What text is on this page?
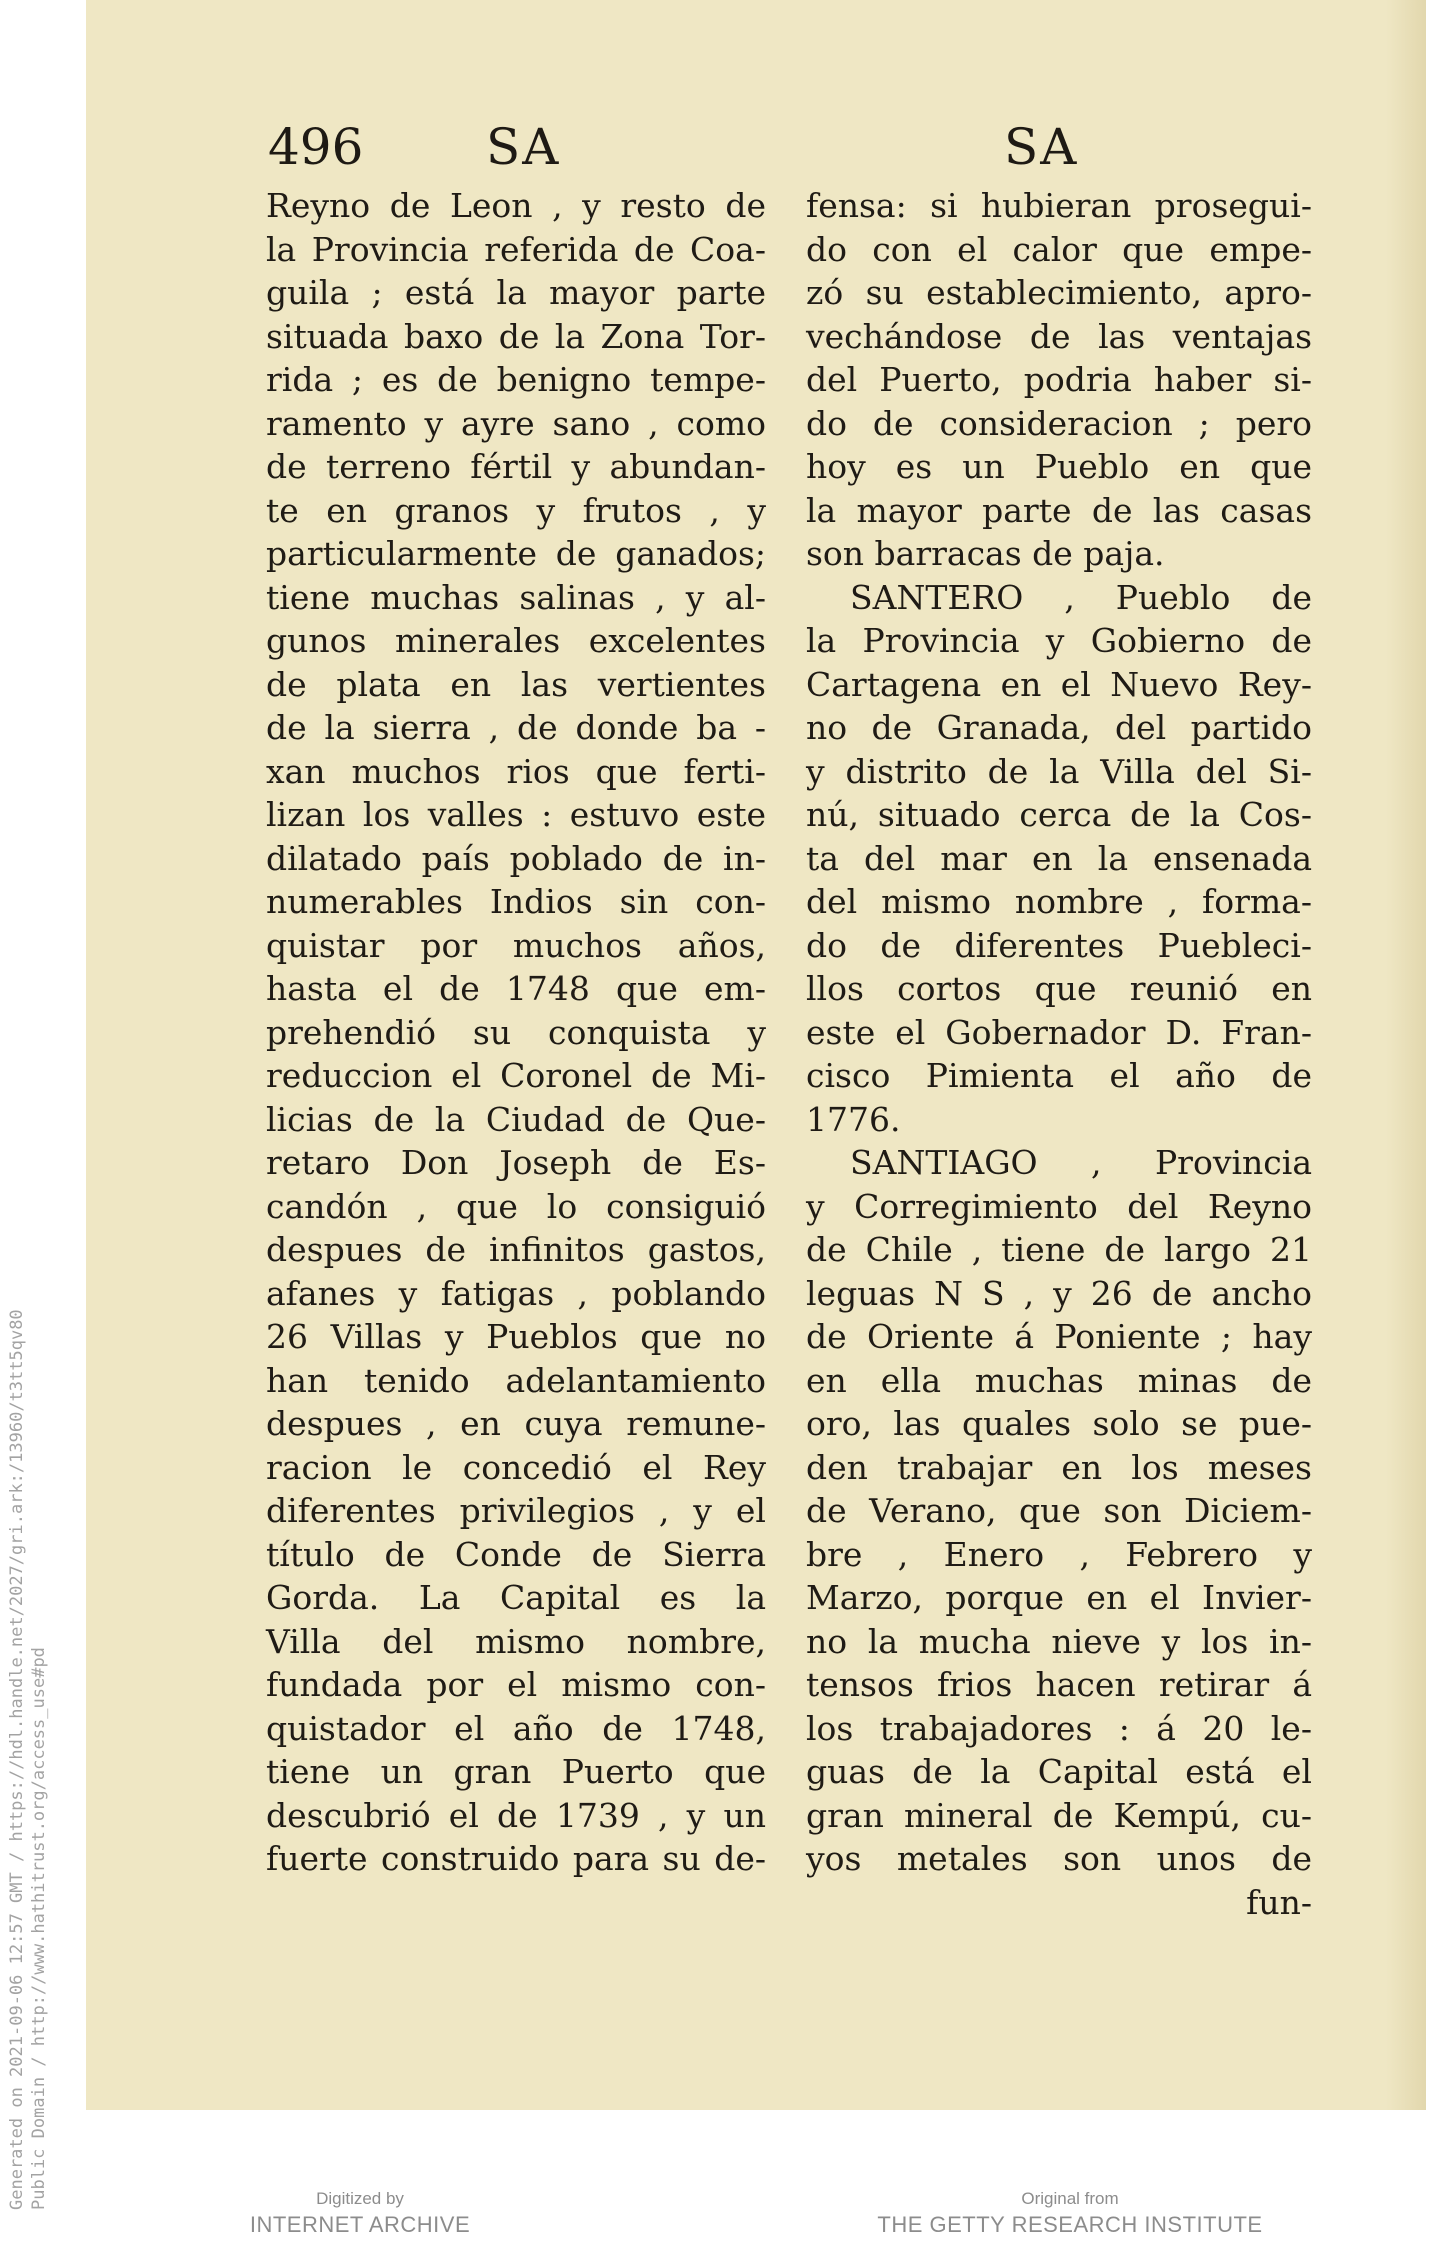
Generated on 2021-09-06 12:57 GMT / https://hdl.handle.net/2027/gri.ark:/13960/t3tt5qv80 Public Domain / http://www.hathitrust.org/access_use#pd
496 SA	SA
Reyno de Leon , y resto de
la Provincia referida de Coa-
guila ; está la mayor parte
situada baxo de la Zona Tor-
rida ; es de benigno tempe-
ramento y ayre sano , como
de terreno fértil y abundan-
te en granos y frutos , y
particularmente de ganados;
tiene muchas salinas , y al-
gunos minerales excelentes
de plata en las vertientes
de la sierra , de donde ba -
xan muchos rios que ferti-
lizan los valles : estuvo este
dilatado país poblado de in-
numerables Indios sin con-
quistar por muchos años,
hasta el de 1748 que em-
prehendió su conquista y
reduccion el Coronel de Mi-
licias de la Ciudad de Que-
retaro Don Joseph de Es-
candón , que lo consiguió
despues de infinitos gastos,
afanes y fatigas , poblando
26 Villas y Pueblos que no
han tenido adelantamiento
despues , en cuya remune-
racion le concedió el Rey
diferentes privilegios , y el
título de Conde de Sierra
Gorda. La Capital es la
Villa del mismo nombre,
fundada por el mismo con-
quistador el año de 1748,
tiene un gran Puerto que
descubrió el de 1739 , y un
fuerte construido para su de-
fensa: si hubieran prosegui-
do con el calor que empe-
zó su establecimiento, apro-
vechándose de las ventajas
del Puerto, podria haber si-
do de consideracion ; pero
hoy es un Pueblo en que
la mayor parte de las casas
son barracas de paja.
SANTERO , Pueblo de
la Provincia y Gobierno de
Cartagena en el Nuevo Rey-
no de Granada, del partido
y distrito de la Villa del Si-
nú, situado cerca de la Cos-
ta del mar en la ensenada
del mismo nombre , forma-
do de diferentes Puebleci-
llos cortos que reunió en
este el Gobernador D. Fran-
cisco Pimienta el año de
1776.
SANTIAGO , Provincia
y Corregimiento del Reyno
de Chile , tiene de largo 21
leguas N S , y 26 de ancho
de Oriente á Poniente ; hay
en ella muchas minas de
oro, las quales solo se pue-
den trabajar en los meses
de Verano, que son Diciem-
bre , Enero , Febrero y
Marzo, porque en el Invier-
no la mucha nieve y los in-
tensos frios hacen retirar á
los trabajadores : á 20 le-
guas de la Capital está el
gran mineral de Kempú, cu-
yos metales son unos de
fun-
Digitized by
INTERNET ARCHIVE
Original from
THE GETTY RESEARCH INSTITUTE
